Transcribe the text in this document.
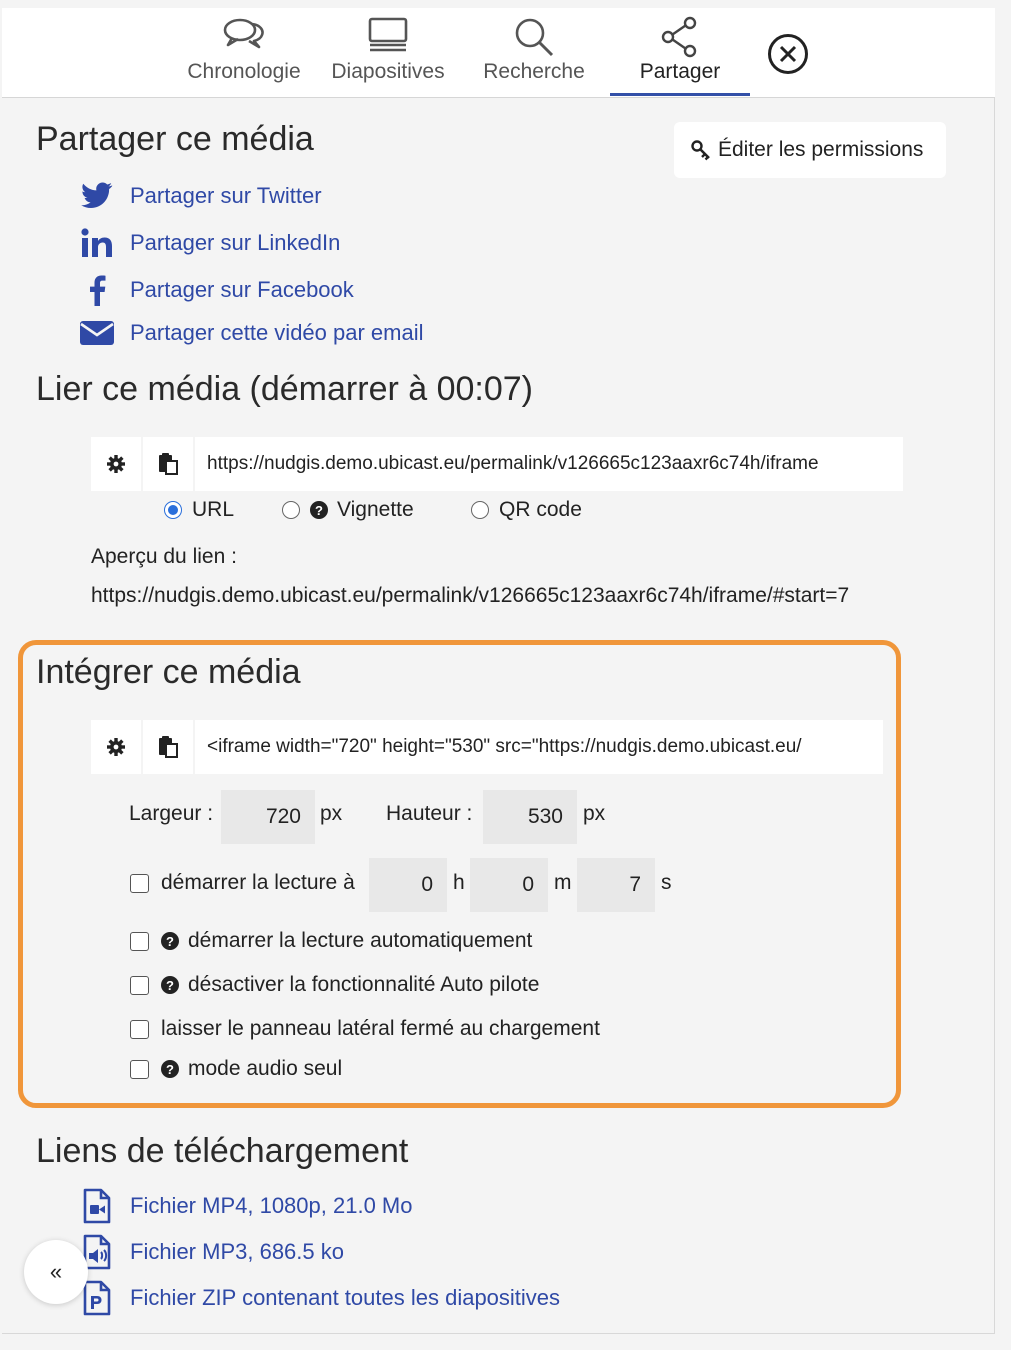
Chronologie Diapositives Recherche	Partager
Partager ce média	Éditer les permissions
Partager sur Twitter
Partager sur LinkedIn
Partager sur Facebook
Partager cette vidéo par email
Lier ce média (démarrer à 00:07)
https://nudgis.demo.ubicast.eu/permalink/v126665c123aaxr6c74h/iframe
URL	? Vignette	QR code
Aperçu du lien :
https://nudgis.demo.ubicast.eu/permalink/v126665c123aaxr6c74h/iframe/#start=7
Intégrer ce média
<iframe width="720" height="530" src="https://nudgis.demo.ubicast.eu/
Largeur :	720 px Hauteur :	530 px
démarrer la lecture à	0 h	0 m	7 s
? démarrer la lecture automatiquement
? désactiver la fonctionnalité Auto pilote
laisser le panneau latéral fermé au chargement
? mode audio seul
Liens de téléchargement
Fichier MP4, 1080p, 21.0 Mo
Fichier MP3, 686.5 ko
Fichier ZIP contenant toutes les diapositives
«
